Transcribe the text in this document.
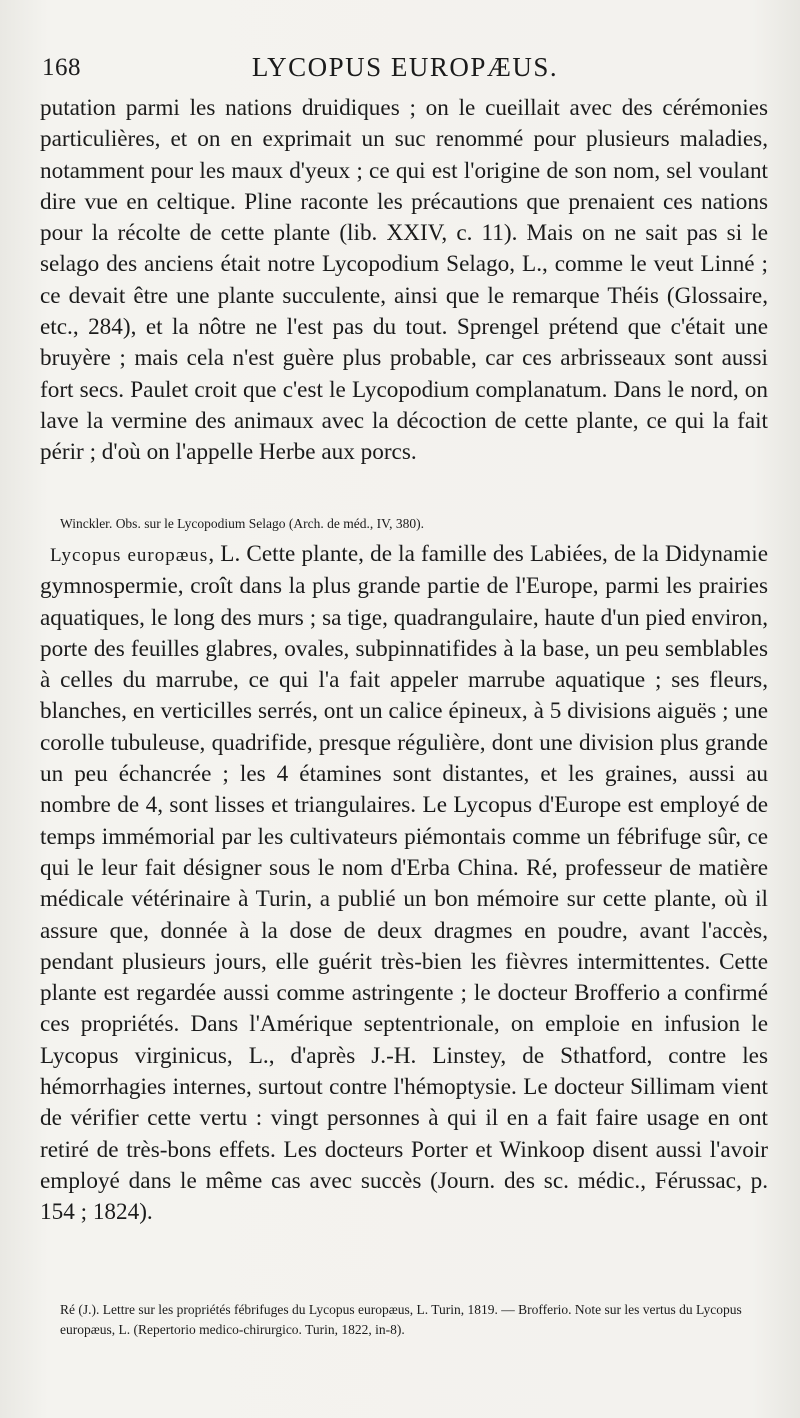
168	LYCOPUS EUROPÆUS.

putation parmi les nations druidiques ; on le cueillait avec des cérémonies particulières, et on en exprimait un suc renommé pour plusieurs maladies, notamment pour les maux d'yeux ; ce qui est l'origine de son nom, sel voulant dire vue en celtique. Pline raconte les précautions que prenaient ces nations pour la récolte de cette plante (lib. XXIV, c. 11). Mais on ne sait pas si le selago des anciens était notre Lycopodium Selago, L., comme le veut Linné ; ce devait être une plante succulente, ainsi que le remarque Théis (Glossaire, etc., 284), et la nôtre ne l'est pas du tout. Sprengel prétend que c'était une bruyère ; mais cela n'est guère plus probable, car ces arbrisseaux sont aussi fort secs. Paulet croit que c'est le Lycopodium complanatum. Dans le nord, on lave la vermine des animaux avec la décoction de cette plante, ce qui la fait périr ; d'où on l'appelle Herbe aux porcs.

Winckler. Obs. sur le Lycopodium Selago (Arch. de méd., IV, 380).

Lycopus europæus, L. Cette plante, de la famille des Labiées, de la Didynamie gymnospermie, croît dans la plus grande partie de l'Europe, parmi les prairies aquatiques, le long des murs ; sa tige, quadrangulaire, haute d'un pied environ, porte des feuilles glabres, ovales, subpinnatifides à la base, un peu semblables à celles du marrube, ce qui l'a fait appeler marrube aquatique ; ses fleurs, blanches, en verticilles serrés, ont un calice épineux, à 5 divisions aiguës ; une corolle tubuleuse, quadrifide, presque régulière, dont une division plus grande un peu échancrée ; les 4 étamines sont distantes, et les graines, aussi au nombre de 4, sont lisses et triangulaires. Le Lycopus d'Europe est employé de temps immémorial par les cultivateurs piémontais comme un fébrifuge sûr, ce qui le leur fait désigner sous le nom d'Erba China. Ré, professeur de matière médicale vétérinaire à Turin, a publié un bon mémoire sur cette plante, où il assure que, donnée à la dose de deux dragmes en poudre, avant l'accès, pendant plusieurs jours, elle guérit très-bien les fièvres intermittentes. Cette plante est regardée aussi comme astringente ; le docteur Brofferio a confirmé ces propriétés. Dans l'Amérique septentrionale, on emploie en infusion le Lycopus virginicus, L., d'après J.-H. Linstey, de Sthatford, contre les hémorrhagies internes, surtout contre l'hémoptysie. Le docteur Sillimam vient de vérifier cette vertu : vingt personnes à qui il en a fait faire usage en ont retiré de très-bons effets. Les docteurs Porter et Winkoop disent aussi l'avoir employé dans le même cas avec succès (Journ. des sc. médic., Férussac, p. 154 ; 1824).

Ré (J.). Lettre sur les propriétés fébrifuges du Lycopus europæus, L. Turin, 1819. — Brofferio. Note sur les vertus du Lycopus europæus, L. (Repertorio medico-chirurgico. Turin, 1822, in-8).
